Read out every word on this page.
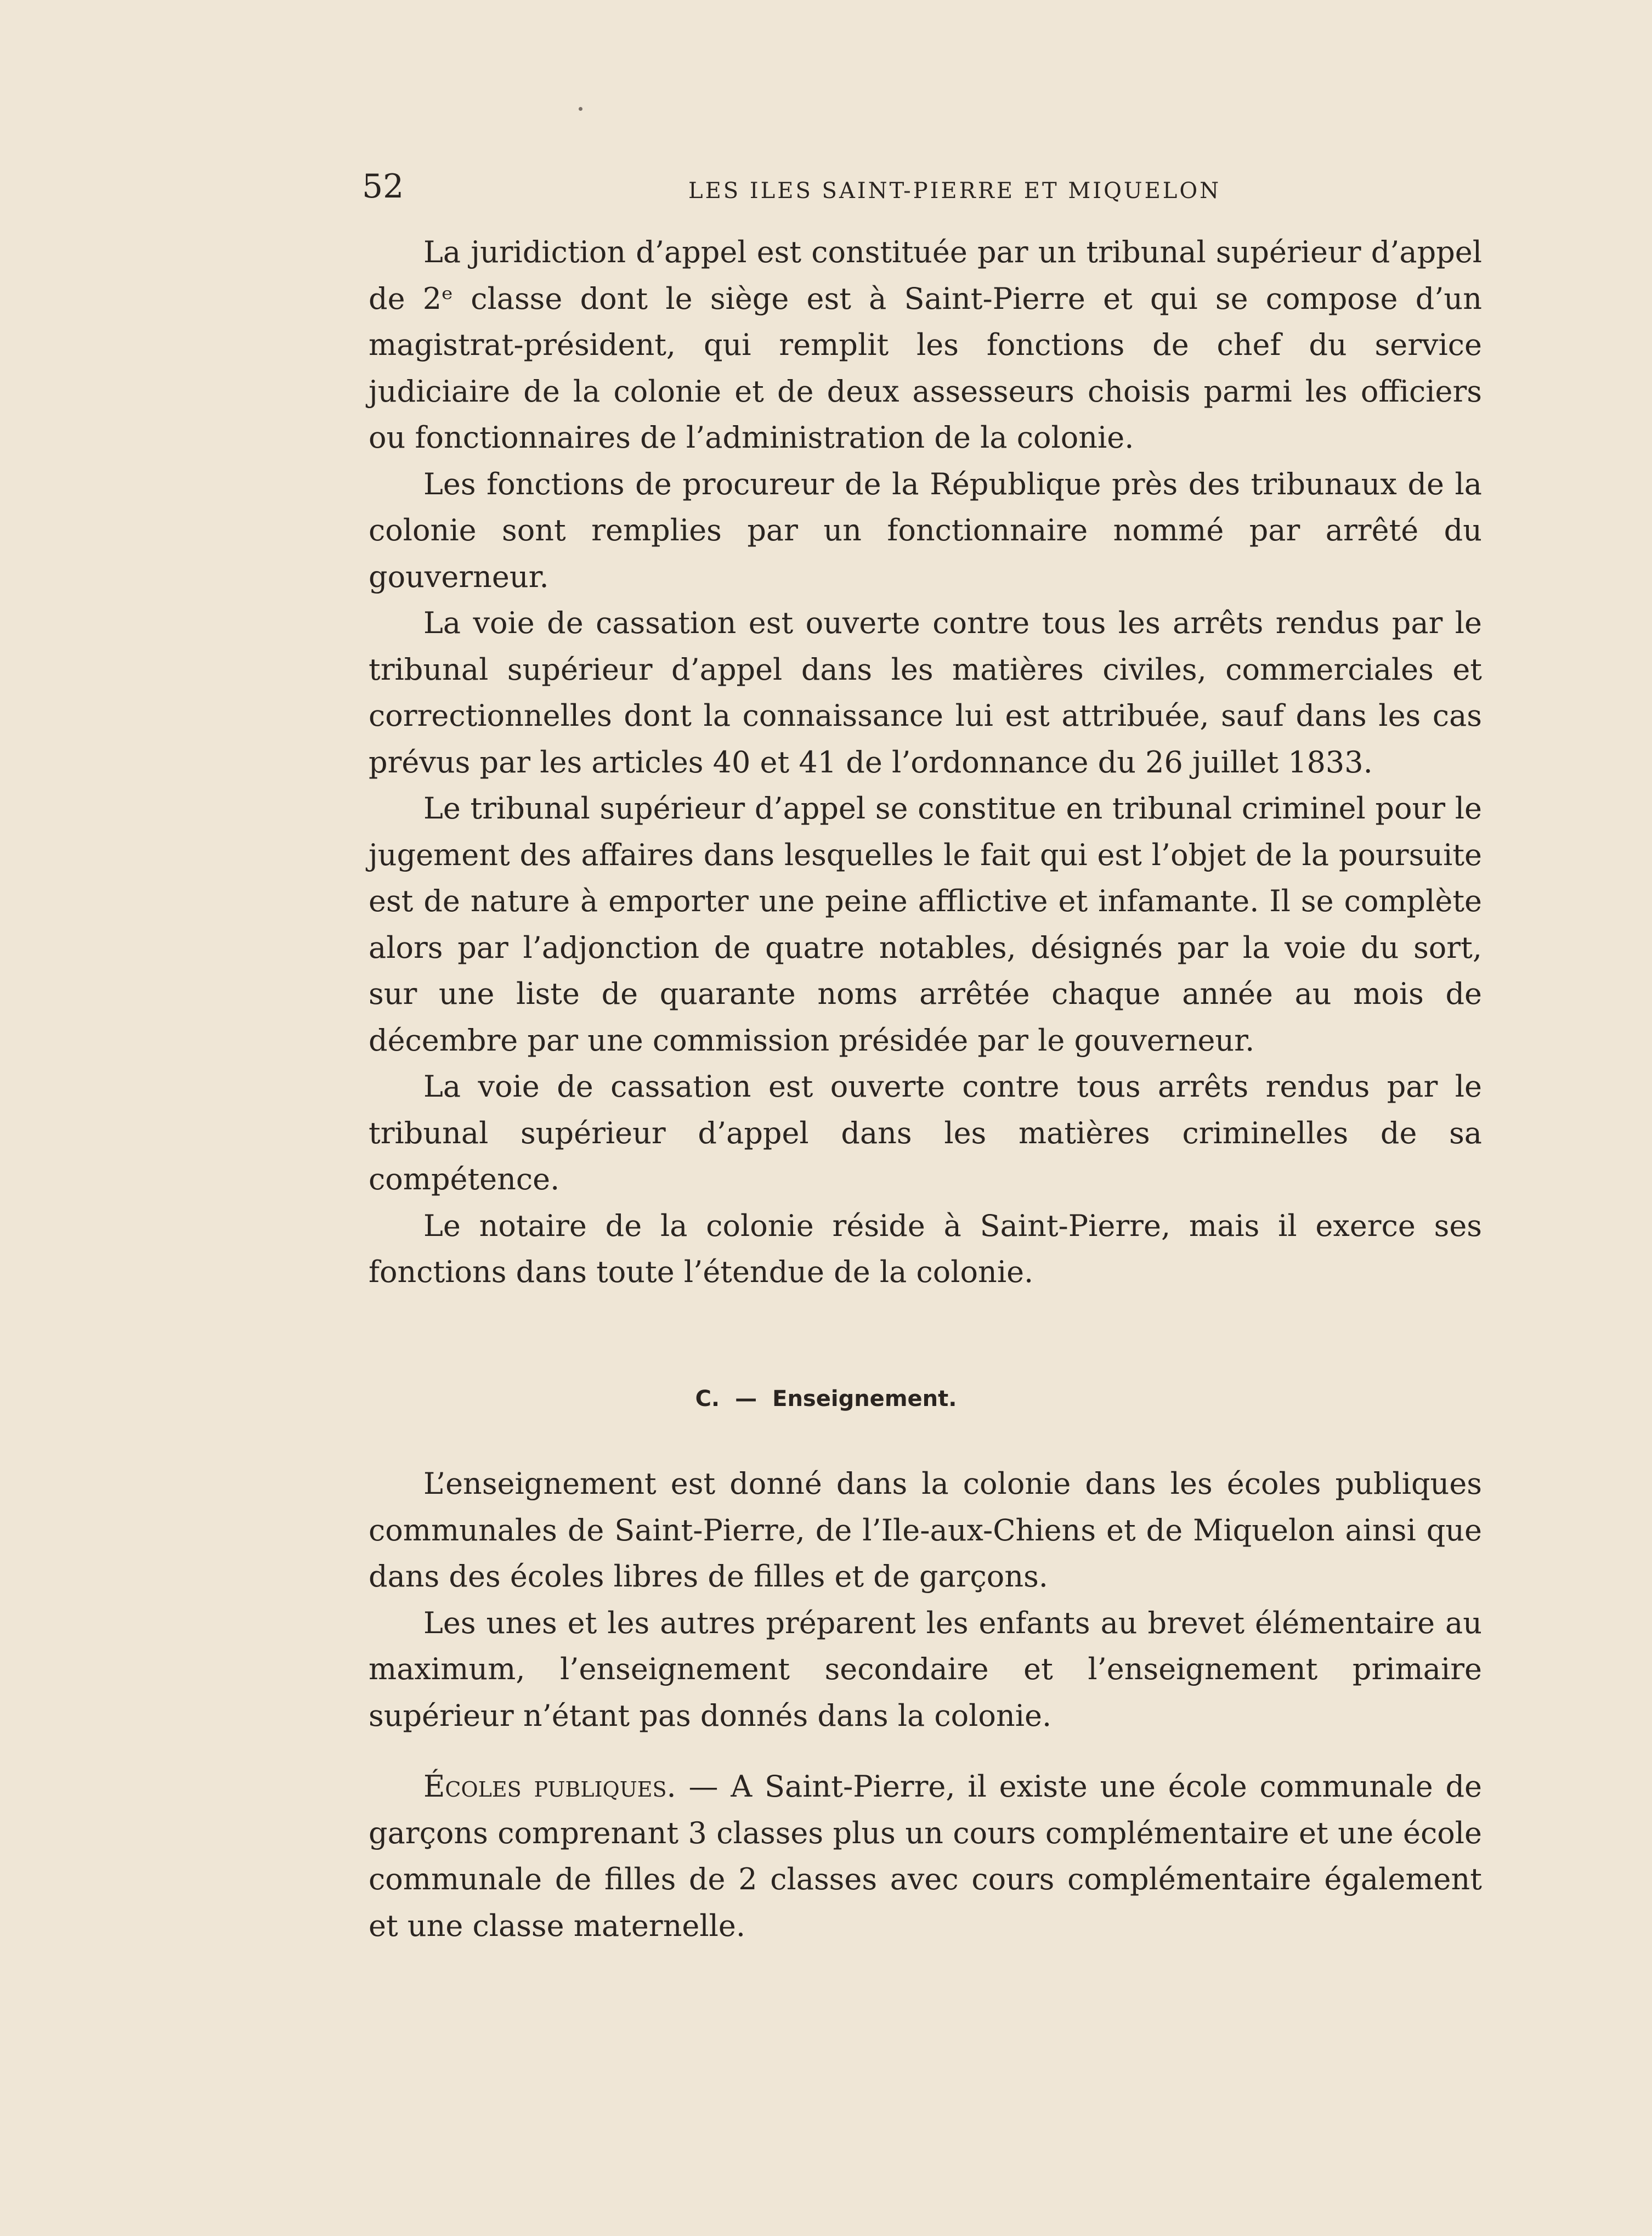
52	LES ILES SAINT-PIERRE ET MIQUELON

La juridiction d’appel est constituée par un tribunal supérieur d’appel de 2ᵉ classe dont le siège est à Saint-Pierre et qui se compose d’un magistrat-président, qui remplit les fonctions de chef du service judiciaire de la colonie et de deux assesseurs choisis parmi les officiers ou fonctionnaires de l’administration de la colonie.

Les fonctions de procureur de la République près des tribunaux de la colonie sont remplies par un fonctionnaire nommé par arrêté du gouverneur.

La voie de cassation est ouverte contre tous les arrêts rendus par le tribunal supérieur d’appel dans les matières civiles, commerciales et correctionnelles dont la connaissance lui est attribuée, sauf dans les cas prévus par les articles 40 et 41 de l’ordonnance du 26 juillet 1833.

Le tribunal supérieur d’appel se constitue en tribunal criminel pour le jugement des affaires dans lesquelles le fait qui est l’objet de la poursuite est de nature à emporter une peine afflictive et infamante. Il se complète alors par l’adjonction de quatre notables, désignés par la voie du sort, sur une liste de quarante noms arrêtée chaque année au mois de décembre par une commission présidée par le gouverneur.

La voie de cassation est ouverte contre tous arrêts rendus par le tribunal supérieur d’appel dans les matières criminelles de sa compétence.

Le notaire de la colonie réside à Saint-Pierre, mais il exerce ses fonctions dans toute l’étendue de la colonie.

C. — Enseignement.

L’enseignement est donné dans la colonie dans les écoles publiques communales de Saint-Pierre, de l’Ile-aux-Chiens et de Miquelon ainsi que dans des écoles libres de filles et de garçons.

Les unes et les autres préparent les enfants au brevet élémentaire au maximum, l’enseignement secondaire et l’enseignement primaire supérieur n’étant pas donnés dans la colonie.

Écoles publiques. — A Saint-Pierre, il existe une école communale de garçons comprenant 3 classes plus un cours complémentaire et une école communale de filles de 2 classes avec cours complémentaire également et une classe maternelle.
